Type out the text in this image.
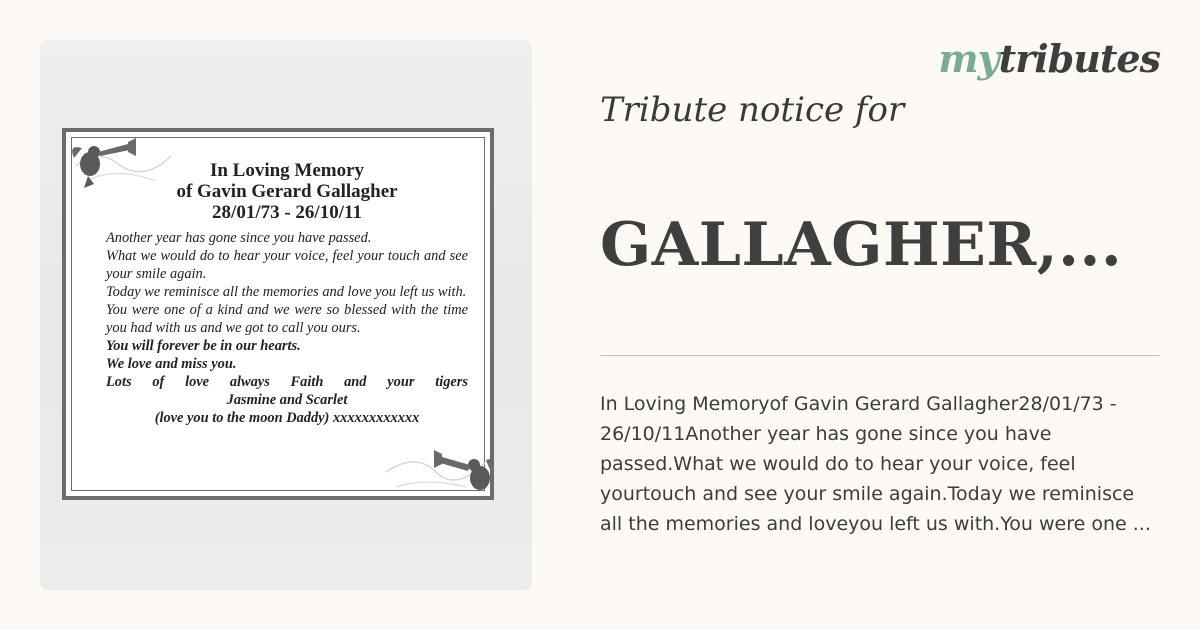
In Loving Memory
of Gavin Gerard Gallagher
28/01/73 - 26/10/11
Another year has gone since you have passed.
What we would do to hear your voice, feel your touch and see your smile again.
Today we reminisce all the memories and love you left us with.
You were one of a kind and we were so blessed with the time you had with us and we got to call you ours.
You will forever be in our hearts.
We love and miss you.
Lots of love always Faith and your tigers
Jasmine and Scarlet
(love you to the moon Daddy) xxxxxxxxxxxx
mytributes
Tribute notice for
GALLAGHER,...
In Loving Memoryof Gavin Gerard Gallagher28/01/73 - 26/10/11Another year has gone since you have passed.What we would do to hear your voice, feel yourtouch and see your smile again.Today we reminisce all the memories and loveyou left us with.You were one ...
